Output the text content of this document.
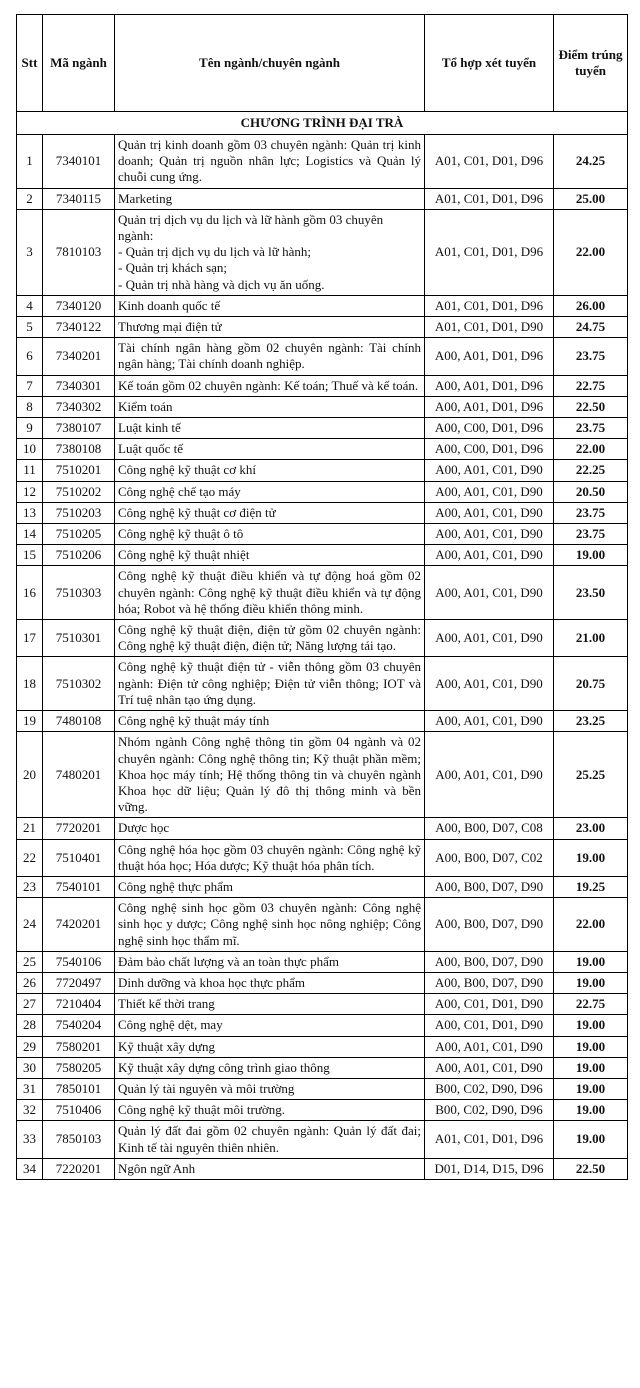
Stt	Mã ngành	Tên ngành/chuyên ngành	Tổ hợp xét tuyển	Điểm trúng tuyển
CHƯƠNG TRÌNH ĐẠI TRÀ				
1	7340101	Quản trị kinh doanh gồm 03 chuyên ngành: Quản trị kinh doanh; Quản trị nguồn nhân lực; Logistics và Quản lý chuỗi cung ứng.	A01, C01, D01, D96	24.25
2	7340115	Marketing	A01, C01, D01, D96	25.00
3	7810103	Quản trị dịch vụ du lịch và lữ hành gồm 03 chuyên ngành:
- Quản trị dịch vụ du lịch và lữ hành;
- Quản trị khách sạn;
- Quản trị nhà hàng và dịch vụ ăn uống.	A01, C01, D01, D96	22.00
4	7340120	Kinh doanh quốc tế	A01, C01, D01, D96	26.00
5	7340122	Thương mại điện tử	A01, C01, D01, D90	24.75
6	7340201	Tài chính ngân hàng gồm 02 chuyên ngành: Tài chính ngân hàng; Tài chính doanh nghiệp.	A00, A01, D01, D96	23.75
7	7340301	Kế toán gồm 02 chuyên ngành: Kế toán; Thuế và kế toán.	A00, A01, D01, D96	22.75
8	7340302	Kiểm toán	A00, A01, D01, D96	22.50
9	7380107	Luật kinh tế	A00, C00, D01, D96	23.75
10	7380108	Luật quốc tế	A00, C00, D01, D96	22.00
11	7510201	Công nghệ kỹ thuật cơ khí	A00, A01, C01, D90	22.25
12	7510202	Công nghệ chế tạo máy	A00, A01, C01, D90	20.50
13	7510203	Công nghệ kỹ thuật cơ điện tử	A00, A01, C01, D90	23.75
14	7510205	Công nghệ kỹ thuật ô tô	A00, A01, C01, D90	23.75
15	7510206	Công nghệ kỹ thuật nhiệt	A00, A01, C01, D90	19.00
16	7510303	Công nghệ kỹ thuật điều khiển và tự động hoá gồm 02 chuyên ngành: Công nghệ kỹ thuật điều khiển và tự động hóa; Robot và hệ thống điều khiển thông minh.	A00, A01, C01, D90	23.50
17	7510301	Công nghệ kỹ thuật điện, điện tử gồm 02 chuyên ngành: Công nghệ kỹ thuật điện, điện tử; Năng lượng tái tạo.	A00, A01, C01, D90	21.00
18	7510302	Công nghệ kỹ thuật điện tử - viễn thông gồm 03 chuyên ngành: Điện tử công nghiệp; Điện tử viễn thông; IOT và Trí tuệ nhân tạo ứng dụng.	A00, A01, C01, D90	20.75
19	7480108	Công nghệ kỹ thuật máy tính	A00, A01, C01, D90	23.25
20	7480201	Nhóm ngành Công nghệ thông tin gồm 04 ngành và 02 chuyên ngành: Công nghệ thông tin; Kỹ thuật phần mềm; Khoa học máy tính; Hệ thống thông tin và chuyên ngành Khoa học dữ liệu; Quản lý đô thị thông minh và bền vững.	A00, A01, C01, D90	25.25
21	7720201	Dược học	A00, B00, D07, C08	23.00
22	7510401	Công nghệ hóa học gồm 03 chuyên ngành: Công nghệ kỹ thuật hóa học; Hóa dược; Kỹ thuật hóa phân tích.	A00, B00, D07, C02	19.00
23	7540101	Công nghệ thực phẩm	A00, B00, D07, D90	19.25
24	7420201	Công nghệ sinh học gồm 03 chuyên ngành: Công nghệ sinh học y dược; Công nghệ sinh học nông nghiệp; Công nghệ sinh học thẩm mĩ.	A00, B00, D07, D90	22.00
25	7540106	Đảm bảo chất lượng và an toàn thực phẩm	A00, B00, D07, D90	19.00
26	7720497	Dinh dưỡng và khoa học thực phẩm	A00, B00, D07, D90	19.00
27	7210404	Thiết kế thời trang	A00, C01, D01, D90	22.75
28	7540204	Công nghệ dệt, may	A00, C01, D01, D90	19.00
29	7580201	Kỹ thuật xây dựng	A00, A01, C01, D90	19.00
30	7580205	Kỹ thuật xây dựng công trình giao thông	A00, A01, C01, D90	19.00
31	7850101	Quản lý tài nguyên và môi trường	B00, C02, D90, D96	19.00
32	7510406	Công nghệ kỹ thuật môi trường.	B00, C02, D90, D96	19.00
33	7850103	Quản lý đất đai gồm 02 chuyên ngành: Quản lý đất đai; Kinh tế tài nguyên thiên nhiên.	A01, C01, D01, D96	19.00
34	7220201	Ngôn ngữ Anh	D01, D14, D15, D96	22.50
